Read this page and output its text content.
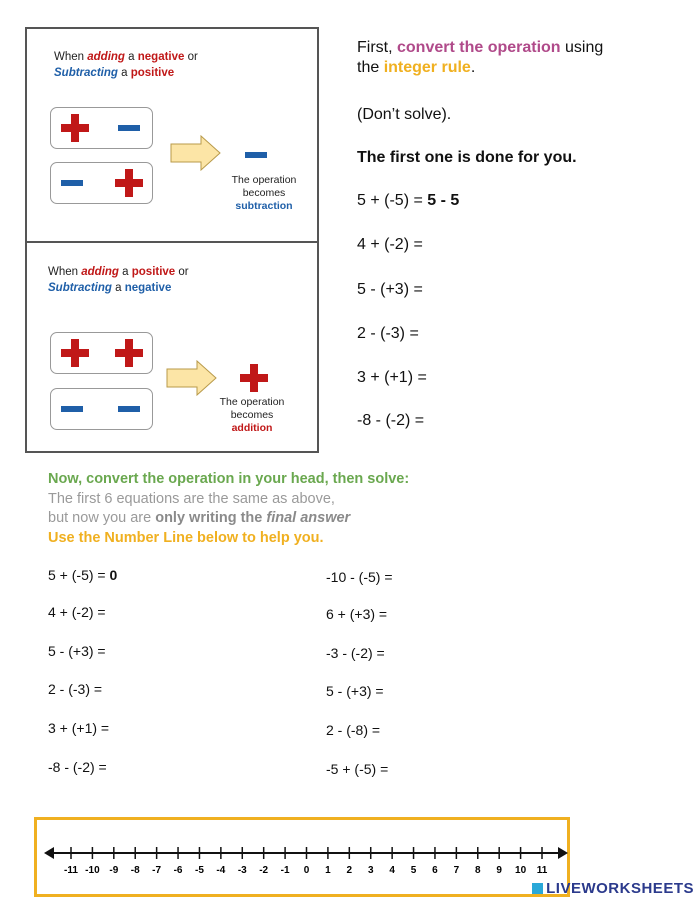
When adding a negative or
Subtracting a positive
The operation
becomes
subtraction
When adding a positive or
Subtracting a negative
The operation
becomes
addition
First, convert the operation using
the integer rule.
(Don’t solve).
The first one is done for you.
5 + (-5) = 5 - 5
4 + (-2) =
5 - (+3) =
2 - (-3) =
3 + (+1) =
-8 - (-2) =
Now, convert the operation in your head, then solve:
The first 6 equations are the same as above,
but now you are only writing the final answer
Use the Number Line below to help you.
5 + (-5) = 0
4 + (-2) =
5 - (+3) =
2 - (-3) =
3 + (+1) =
-8 - (-2) =
-10 - (-5) =
6 + (+3) =
-3 - (-2) =
5 - (+3) =
2 - (-8) =
-5 + (-5) =
-11 -10 -9 -8 -7 -6 -5 -4 -3 -2 -1 0 1 2 3 4 5 6 7 8 9 10 11
LIVEWORKSHEETS
